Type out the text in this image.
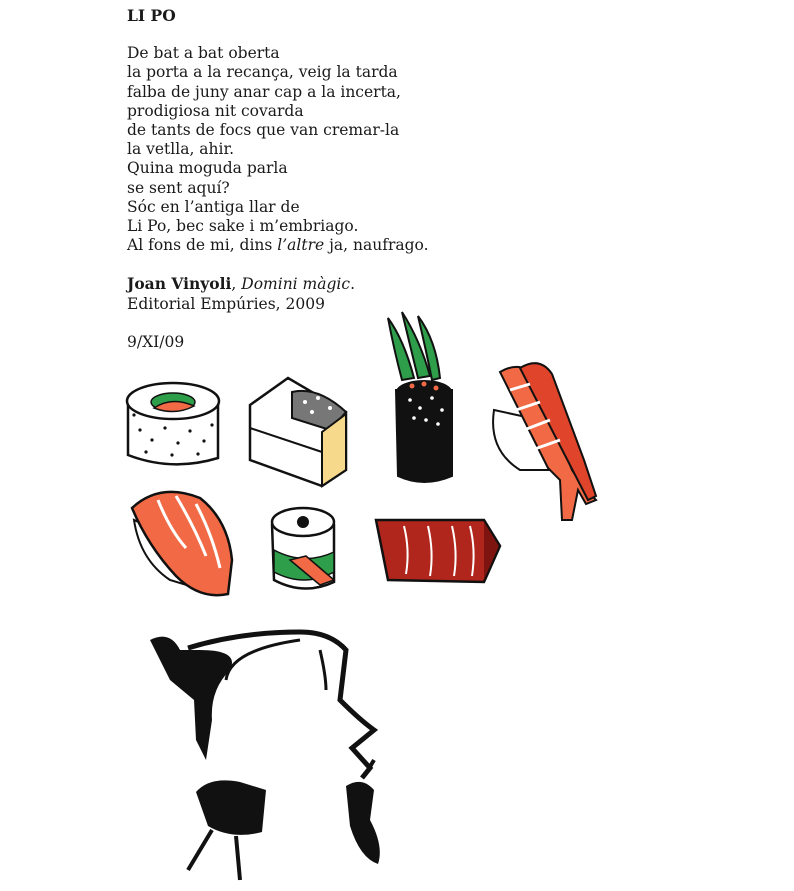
LI PO
De bat a bat oberta
la porta a la recança, veig la tarda
falba de juny anar cap a la incerta,
prodigiosa nit covarda
de tants de focs que van cremar-la
la vetlla, ahir.
Quina moguda parla
se sent aquí?
Sóc en l’antiga llar de
Li Po, bec sake i m’embriago.
Al fons de mi, dins l’altre ja, naufrago.
Joan Vinyoli, Domini màgic.
Editorial Empúries, 2009
9/XI/09
